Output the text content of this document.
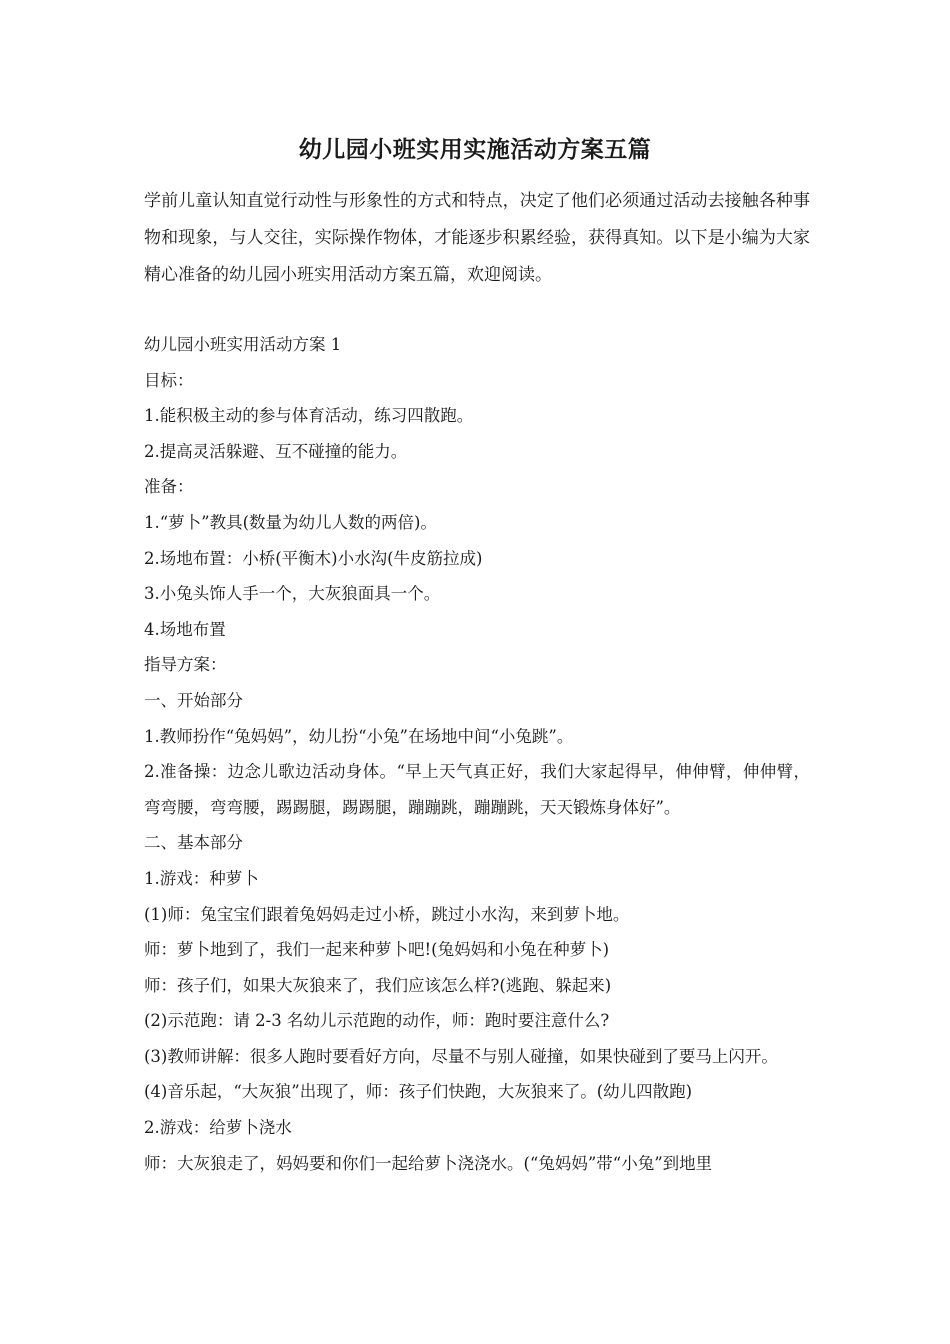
幼儿园小班实用实施活动方案五篇

学前儿童认知直觉行动性与形象性的方式和特点，决定了他们必须通过活动去接触各种事物和现象，与人交往，实际操作物体，才能逐步积累经验，获得真知。以下是小编为大家精心准备的幼儿园小班实用活动方案五篇，欢迎阅读。

幼儿园小班实用活动方案 1
目标：
1.能积极主动的参与体育活动，练习四散跑。
2.提高灵活躲避、互不碰撞的能力。
准备：
1.“萝卜”教具(数量为幼儿人数的两倍)。
2.场地布置：小桥(平衡木)小水沟(牛皮筋拉成)
3.小兔头饰人手一个，大灰狼面具一个。
4.场地布置
指导方案：
一、开始部分
1.教师扮作“兔妈妈”，幼儿扮“小兔”在场地中间“小兔跳”。
2.准备操：边念儿歌边活动身体。“早上天气真正好，我们大家起得早，伸伸臂，伸伸臂，弯弯腰，弯弯腰，踢踢腿，踢踢腿，蹦蹦跳，蹦蹦跳，天天锻炼身体好”。
二、基本部分
1.游戏：种萝卜
(1)师：兔宝宝们跟着兔妈妈走过小桥，跳过小水沟，来到萝卜地。
师：萝卜地到了，我们一起来种萝卜吧!(兔妈妈和小兔在种萝卜)
师：孩子们，如果大灰狼来了，我们应该怎么样?(逃跑、躲起来)
(2)示范跑：请 2-3 名幼儿示范跑的动作，师：跑时要注意什么?
(3)教师讲解：很多人跑时要看好方向，尽量不与别人碰撞，如果快碰到了要马上闪开。
(4)音乐起，“大灰狼”出现了，师：孩子们快跑，大灰狼来了。(幼儿四散跑)
2.游戏：给萝卜浇水
师：大灰狼走了，妈妈要和你们一起给萝卜浇浇水。(“兔妈妈”带“小兔”到地里
